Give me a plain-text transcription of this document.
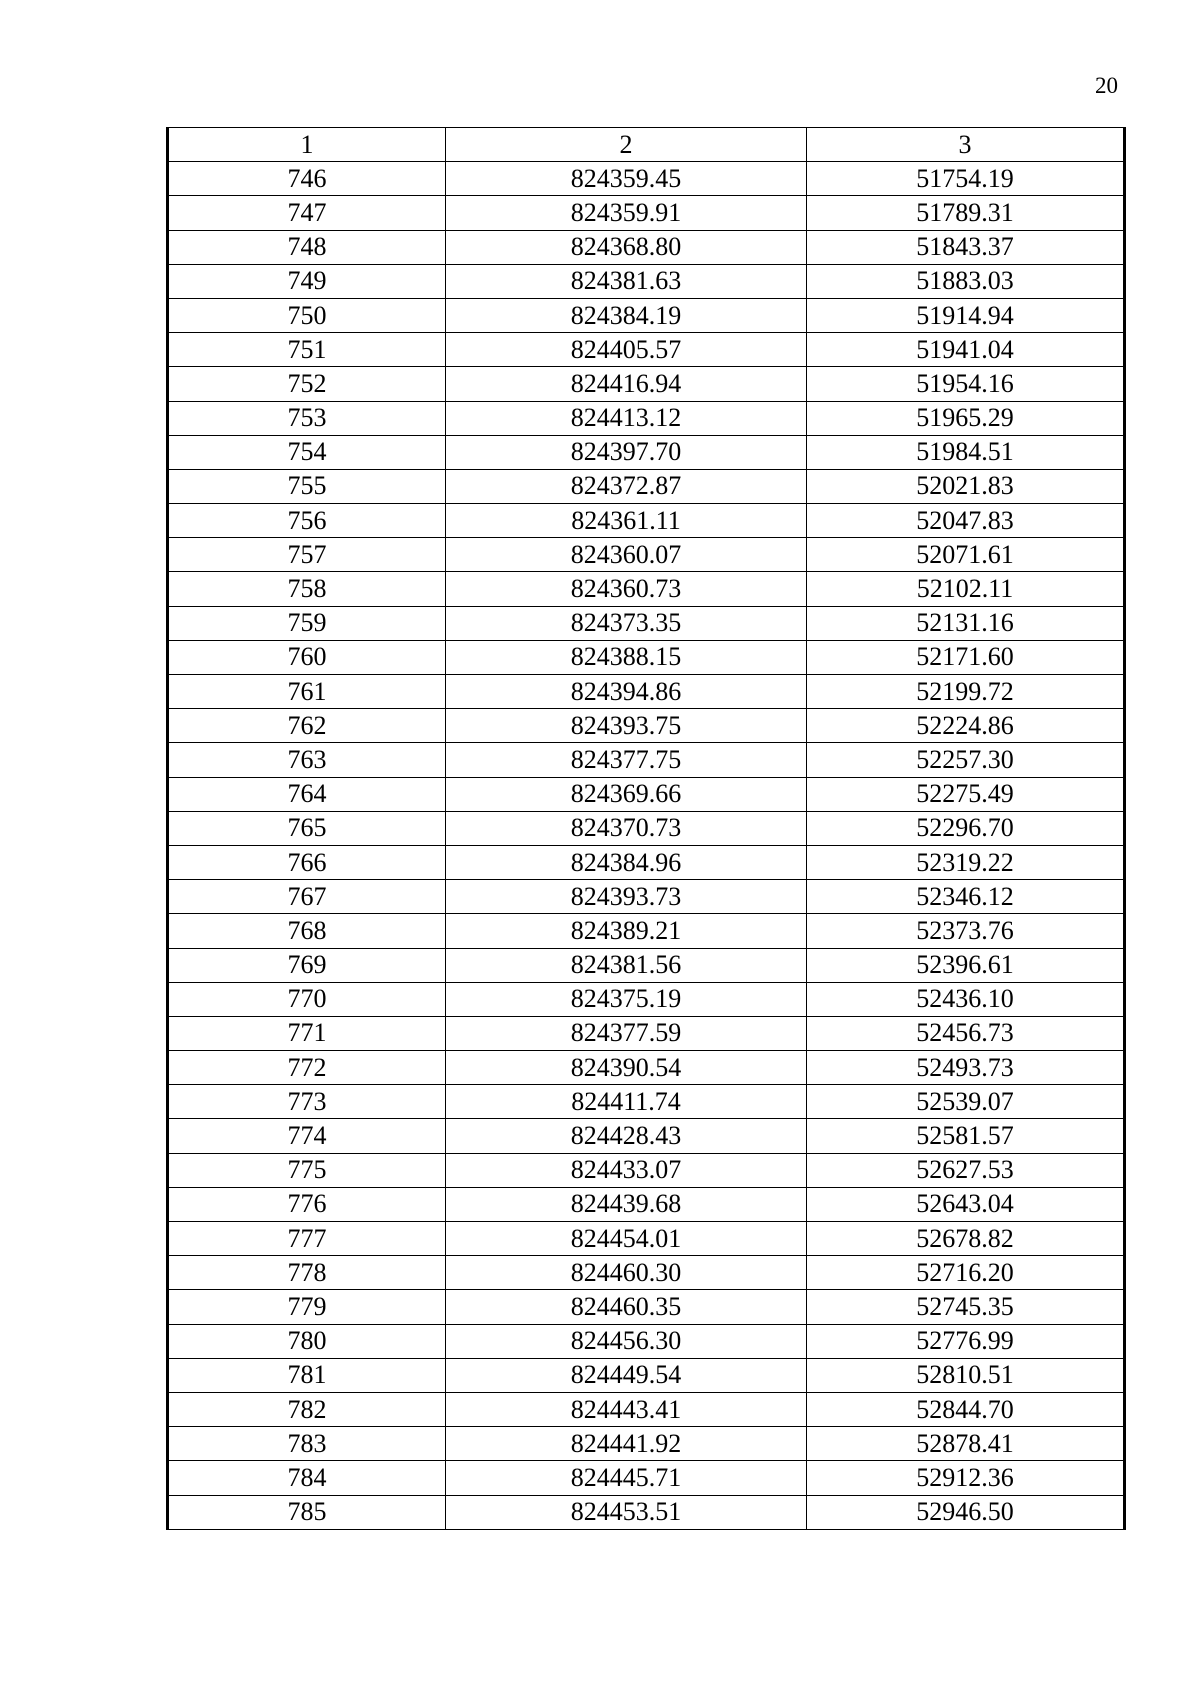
20
1	2	3
746	824359.45	51754.19
747	824359.91	51789.31
748	824368.80	51843.37
749	824381.63	51883.03
750	824384.19	51914.94
751	824405.57	51941.04
752	824416.94	51954.16
753	824413.12	51965.29
754	824397.70	51984.51
755	824372.87	52021.83
756	824361.11	52047.83
757	824360.07	52071.61
758	824360.73	52102.11
759	824373.35	52131.16
760	824388.15	52171.60
761	824394.86	52199.72
762	824393.75	52224.86
763	824377.75	52257.30
764	824369.66	52275.49
765	824370.73	52296.70
766	824384.96	52319.22
767	824393.73	52346.12
768	824389.21	52373.76
769	824381.56	52396.61
770	824375.19	52436.10
771	824377.59	52456.73
772	824390.54	52493.73
773	824411.74	52539.07
774	824428.43	52581.57
775	824433.07	52627.53
776	824439.68	52643.04
777	824454.01	52678.82
778	824460.30	52716.20
779	824460.35	52745.35
780	824456.30	52776.99
781	824449.54	52810.51
782	824443.41	52844.70
783	824441.92	52878.41
784	824445.71	52912.36
785	824453.51	52946.50
